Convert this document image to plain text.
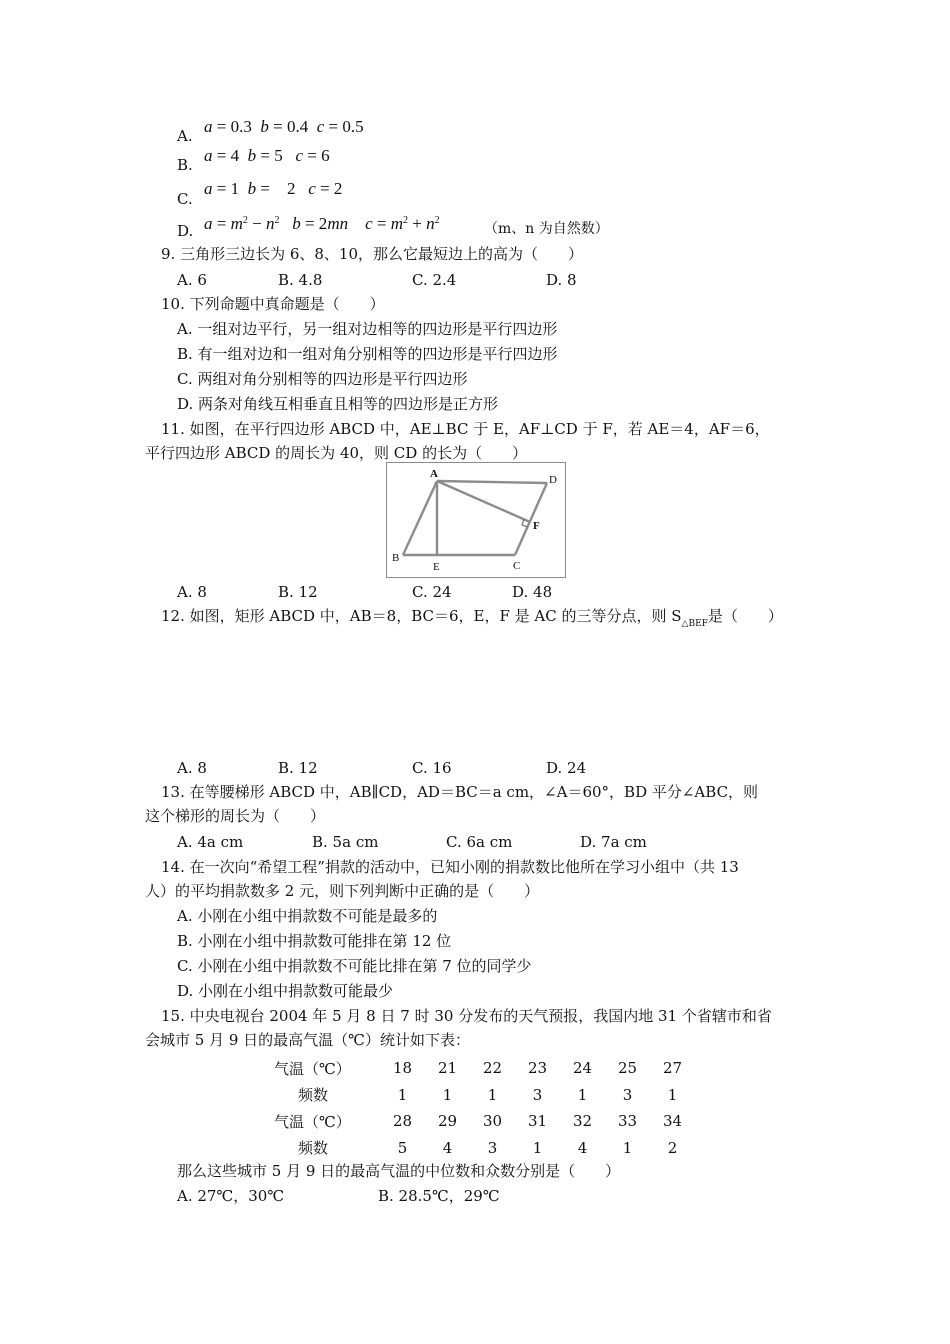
A. a = 0.3  b = 0.4  c = 0.5
B. a = 4  b = 5   c = 6
C.
a = 1  b = 2   c = 2
D. $a = m^2 - n^2$   b = 2mn    $c = m^2 + n^2$
（m、n 为自然数）
9. 三角形三边长为 6、8、10，那么它最短边上的高为（　　）
A. 6	B. 4.8	C. 2.4	D. 8
10. 下列命题中真命题是（　　）
A. 一组对边平行，另一组对边相等的四边形是平行四边形
B. 有一组对边和一组对角分别相等的四边形是平行四边形
C. 两组对角分别相等的四边形是平行四边形
D. 两条对角线互相垂直且相等的四边形是正方形
11. 如图，在平行四边形 ABCD 中，AE⊥BC 于 E，AF⊥CD 于 F，若 AE＝4，AF＝6，
平行四边形 ABCD 的周长为 40，则 CD 的长为（　　）
A	D
F
B
E	C
A. 8	B. 12	C. 24	D. 48
12. 如图，矩形 ABCD 中，AB＝8，BC＝6，E，F 是 AC 的三等分点，则 $S_{\triangle BEF}$是（　　）
A. 8	B. 12	C. 16	D. 24
13. 在等腰梯形 ABCD 中，AB∥CD，AD＝BC＝a cm，∠A＝60°，BD 平分∠ABC，则
这个梯形的周长为（　　）
A. 4a cm	B. 5a cm	C. 6a cm	D. 7a cm
14. 在一次向“希望工程”捐款的活动中，已知小刚的捐款数比他所在学习小组中（共 13
人）的平均捐款数多 2 元，则下列判断中正确的是（　　）
A. 小刚在小组中捐款数不可能是最多的
B. 小刚在小组中捐款数可能排在第 12 位
C. 小刚在小组中捐款数不可能比排在第 7 位的同学少
D. 小刚在小组中捐款数可能最少
15. 中央电视台 2004 年 5 月 8 日 7 时 30 分发布的天气预报，我国内地 31 个省辖市和省
会城市 5 月 9 日的最高气温（℃）统计如下表：
气温（℃）	18	21	22	23	24	25	27
频数	1	1	1	3	1	3	1
气温（℃）	28	29	30	31	32	33	34
频数	5	4	3	1	4	1	2
那么这些城市 5 月 9 日的最高气温的中位数和众数分别是（　　）
A. 27℃，30℃	B. 28.5℃，29℃
